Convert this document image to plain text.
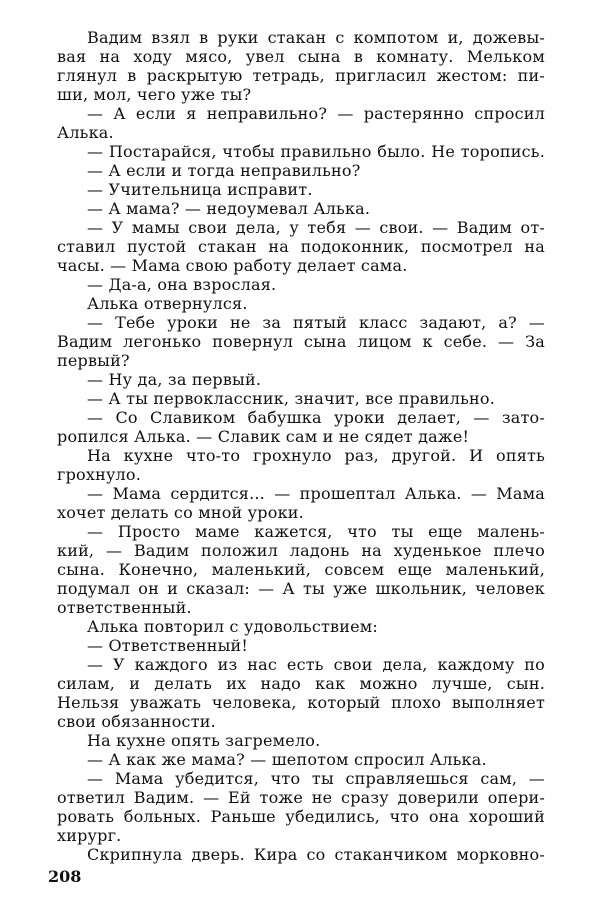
Вадим взял в руки стакан с компотом и, дожевы-
вая на ходу мясо, увел сына в комнату. Мельком
глянул в раскрытую тетрадь, пригласил жестом: пи-
ши, мол, чего уже ты?
— А если я неправильно? — растерянно спросил
Алька.
— Постарайся, чтобы правильно было. Не торопись.
— А если и тогда неправильно?
— Учительница исправит.
— А мама? — недоумевал Алька.
— У мамы свои дела, у тебя — свои. — Вадим от-
ставил пустой стакан на подоконник, посмотрел на
часы. — Мама свою работу делает сама.
— Да-а, она взрослая.
Алька отвернулся.
— Тебе уроки не за пятый класс задают, а? —
Вадим легонько повернул сына лицом к себе. — За
первый?
— Ну да, за первый.
— А ты первоклассник, значит, все правильно.
— Со Славиком бабушка уроки делает, — зато-
ропился Алька. — Славик сам и не сядет даже!
На кухне что-то грохнуло раз, другой. И опять
грохнуло.
— Мама сердится... — прошептал Алька. — Мама
хочет делать со мной уроки.
— Просто маме кажется, что ты еще малень-
кий, — Вадим положил ладонь на худенькое плечо
сына. Конечно, маленький, совсем еще маленький,
подумал он и сказал: — А ты уже школьник, человек
ответственный.
Алька повторил с удовольствием:
— Ответственный!
— У каждого из нас есть свои дела, каждому по
силам, и делать их надо как можно лучше, сын.
Нельзя уважать человека, который плохо выполняет
свои обязанности.
На кухне опять загремело.
— А как же мама? — шепотом спросил Алька.
— Мама убедится, что ты справляешься сам, —
ответил Вадим. — Ей тоже не сразу доверили опери-
ровать больных. Раньше убедились, что она хороший
хирург.
Скрипнула дверь. Кира со стаканчиком морковно-
208
